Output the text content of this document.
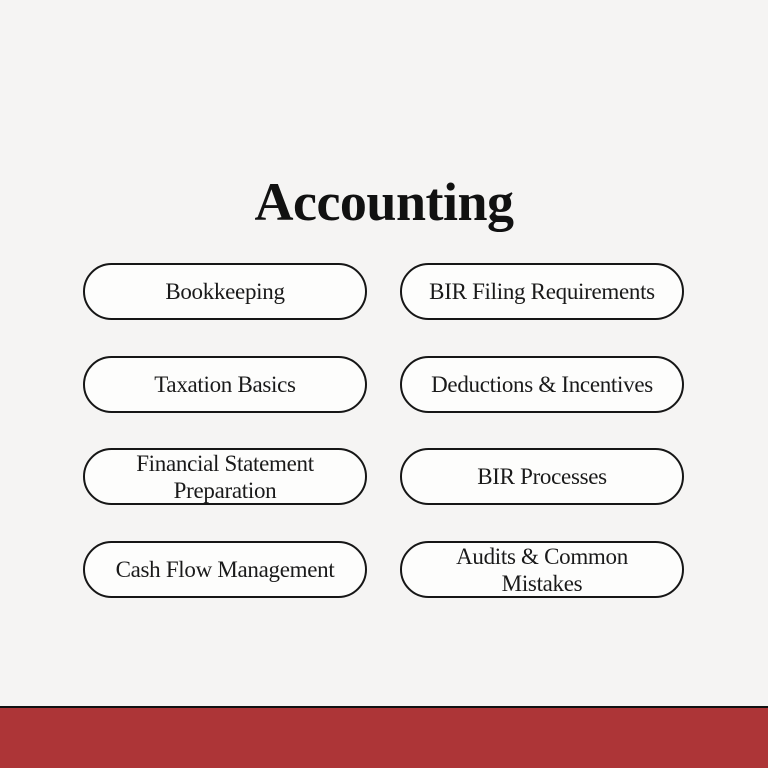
Accounting
Bookkeeping	BIR Filing Requirements
Taxation Basics	Deductions & Incentives
Financial Statement Preparation
BIR Processes
Cash Flow Management
Audits & Common Mistakes
